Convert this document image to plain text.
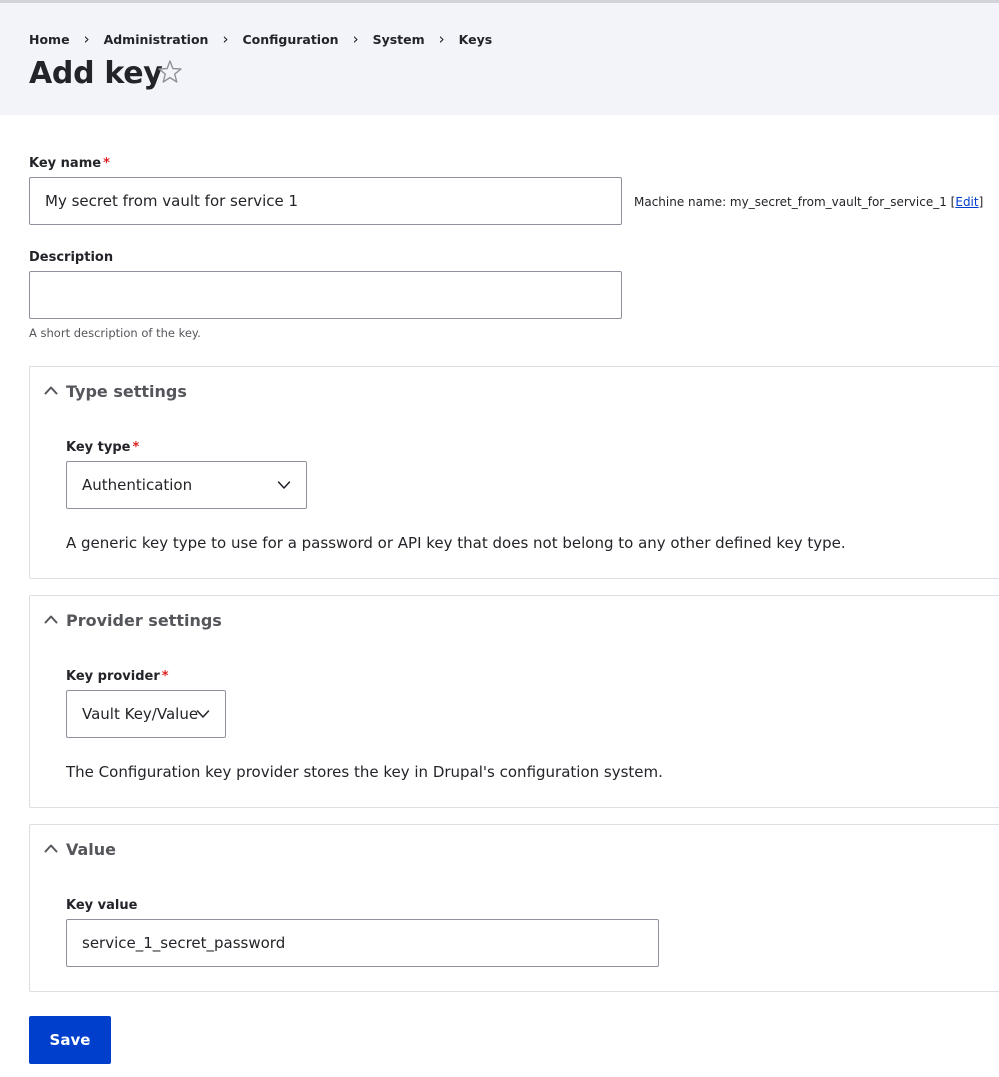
Home ›	Administration ›	Configuration ›	System ›	Keys
Add key
Key name *
My secret from vault for service 1
Machine name: my_secret_from_vault_for_service_1 [Edit]
Description
A short description of the key.
Type settings
Key type *
Authentication
A generic key type to use for a password or API key that does not belong to any other defined key type.
Provider settings
Key provider *
Vault Key/Value
The Configuration key provider stores the key in Drupal's configuration system.
Value
Key value
service_1_secret_password
Save
